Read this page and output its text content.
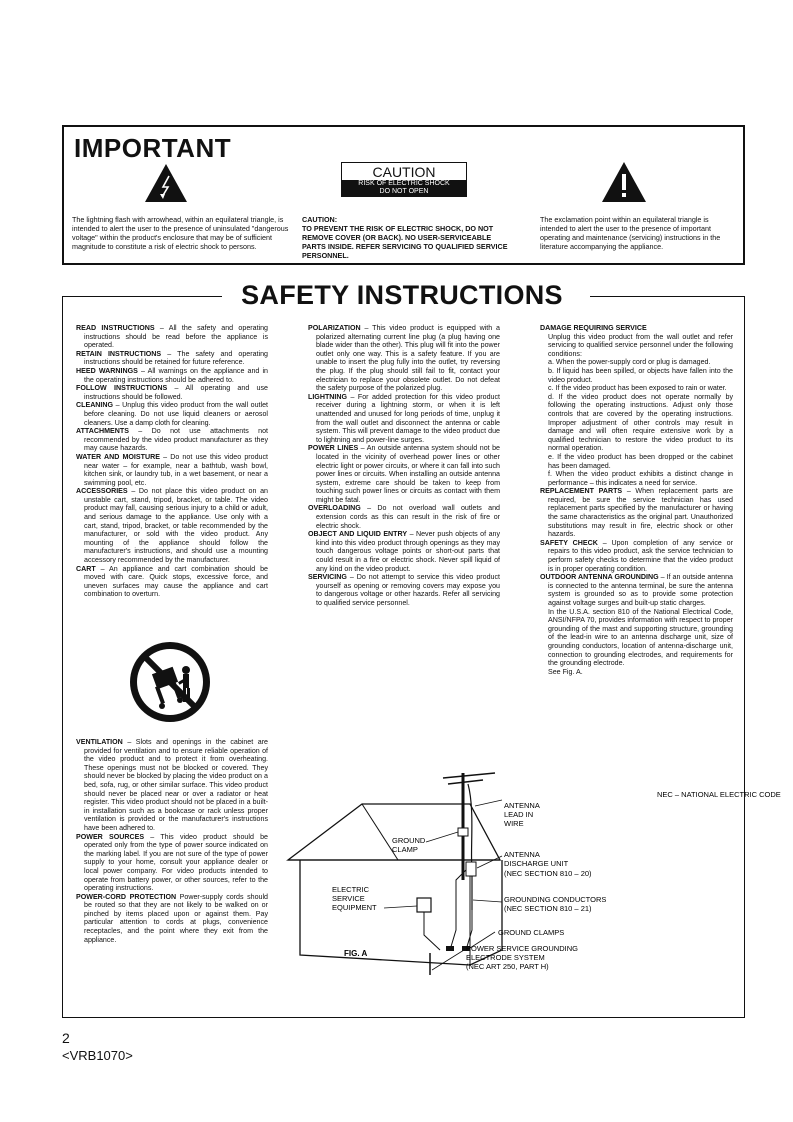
IMPORTANT
The lightning flash with arrowhead, within an equilateral triangle, is intended to alert the user to the presence of uninsulated "dangerous voltage" within the product's enclosure that may be of sufficient magnitude to constitute a risk of electric shock to persons.
CAUTION
RISK OF ELECTRIC SHOCK
DO NOT OPEN
CAUTION:
TO PREVENT THE RISK OF ELECTRIC SHOCK, DO NOT REMOVE COVER (OR BACK). NO USER-SERVICEABLE PARTS INSIDE. REFER SERVICING TO QUALIFIED SERVICE PERSONNEL.
The exclamation point within an equilateral triangle is intended to alert the user to the presence of important operating and maintenance (servicing) instructions in the literature accompanying the appliance.
SAFETY INSTRUCTIONS
READ INSTRUCTIONS – All the safety and operating instructions should be read before the appliance is operated.
RETAIN INSTRUCTIONS – The safety and operating instructions should be retained for future reference.
HEED WARNINGS – All warnings on the appliance and in the operating instructions should be adhered to.
FOLLOW INSTRUCTIONS – All operating and use instructions should be followed.
CLEANING – Unplug this video product from the wall outlet before cleaning. Do not use liquid cleaners or aerosol cleaners. Use a damp cloth for cleaning.
ATTACHMENTS – Do not use attachments not recommended by the video product manufacturer as they may cause hazards.
WATER AND MOISTURE – Do not use this video product near water – for example, near a bathtub, wash bowl, kitchen sink, or laundry tub, in a wet basement, or near a swimming pool, etc.
ACCESSORIES – Do not place this video product on an unstable cart, stand, tripod, bracket, or table. The video product may fall, causing serious injury to a child or adult, and serious damage to the appliance. Use only with a cart, stand, tripod, bracket, or table recommended by the manufacturer, or sold with the video product. Any mounting of the appliance should follow the manufacturer's instructions, and should use a mounting accessory recommended by the manufacturer.
CART – An appliance and cart combination should be moved with care. Quick stops, excessive force, and uneven surfaces may cause the appliance and cart combination to overturn.
VENTILATION – Slots and openings in the cabinet are provided for ventilation and to ensure reliable operation of the video product and to protect it from overheating. These openings must not be blocked or covered. They should never be blocked by placing the video product on a bed, sofa, rug, or other similar surface. This video product should never be placed near or over a radiator or heat register. This video product should not be placed in a built-in installation such as a bookcase or rack unless proper ventilation is provided or the manufacturer's instructions have been adhered to.
POWER SOURCES – This video product should be operated only from the type of power source indicated on the marking label. If you are not sure of the type of power supply to your home, consult your appliance dealer or local power company. For video products intended to operate from battery power, or other sources, refer to the operating instructions.
POWER-CORD PROTECTION Power-supply cords should be routed so that they are not likely to be walked on or pinched by items placed upon or against them. Pay particular attention to cords at plugs, convenience receptacles, and the point where they exit from the appliance.
POLARIZATION – This video product is equipped with a polarized alternating current line plug (a plug having one blade wider than the other). This plug will fit into the power outlet only one way. This is a safety feature. If you are unable to insert the plug fully into the outlet, try reversing the plug. If the plug should still fail to fit, contact your electrician to replace your obsolete outlet. Do not defeat the safety purpose of the polarized plug.
LIGHTNING – For added protection for this video product receiver during a lightning storm, or when it is left unattended and unused for long periods of time, unplug it from the wall outlet and disconnect the antenna or cable system. This will prevent damage to the video product due to lightning and power-line surges.
POWER LINES – An outside antenna system should not be located in the vicinity of overhead power lines or other electric light or power circuits, or where it can fall into such power lines or circuits. When installing an outside antenna system, extreme care should be taken to keep from touching such power lines or circuits as contact with them might be fatal.
OVERLOADING – Do not overload wall outlets and extension cords as this can result in the risk of fire or electric shock.
OBJECT AND LIQUID ENTRY – Never push objects of any kind into this video product through openings as they may touch dangerous voltage points or short-out parts that could result in a fire or electric shock. Never spill liquid of any kind on the video product.
SERVICING – Do not attempt to service this video product yourself as opening or removing covers may expose you to dangerous voltage or other hazards. Refer all servicing to qualified service personnel.
DAMAGE REQUIRING SERVICE
Unplug this video product from the wall outlet and refer servicing to qualified service personnel under the following conditions:
a. When the power-supply cord or plug is damaged.
b. If liquid has been spilled, or objects have fallen into the video product.
c. If the video product has been exposed to rain or water.
d. If the video product does not operate normally by following the operating instructions. Adjust only those controls that are covered by the operating instructions. Improper adjustment of other controls may result in damage and will often require extensive work by a qualified technician to restore the video product to its normal operation.
e. If the video product has been dropped or the cabinet has been damaged.
f. When the video product exhibits a distinct change in performance – this indicates a need for service.
REPLACEMENT PARTS – When replacement parts are required, be sure the service technician has used replacement parts specified by the manufacturer or having the same characteristics as the original part. Unauthorized substitutions may result in fire, electric shock or other hazards.
SAFETY CHECK – Upon completion of any service or repairs to this video product, ask the service technician to perform safety checks to determine that the video product is in proper operating condition.
OUTDOOR ANTENNA GROUNDING – If an outside antenna is connected to the antenna terminal, be sure the antenna system is grounded so as to provide some protection against voltage surges and built-up static charges.
In the U.S.A. section 810 of the National Electrical Code, ANSI/NFPA 70, provides information with respect to proper grounding of the mast and supporting structure, grounding of the lead-in wire to an antenna discharge unit, size of grounding conductors, location of antenna-discharge unit, connection to grounding electrodes, and requirements for the grounding electrode.
See Fig. A.
NEC – NATIONAL ELECTRIC CODE
ANTENNA
LEAD IN
WIRE
GROUND
CLAMP
ANTENNA
DISCHARGE UNIT
(NEC SECTION 810 – 20)
ELECTRIC
SERVICE
EQUIPMENT
GROUNDING CONDUCTORS
(NEC SECTION 810 – 21)
GROUND CLAMPS
POWER SERVICE GROUNDING
ELECTRODE SYSTEM
(NEC ART 250, PART H)
FIG. A
2
<VRB1070>
